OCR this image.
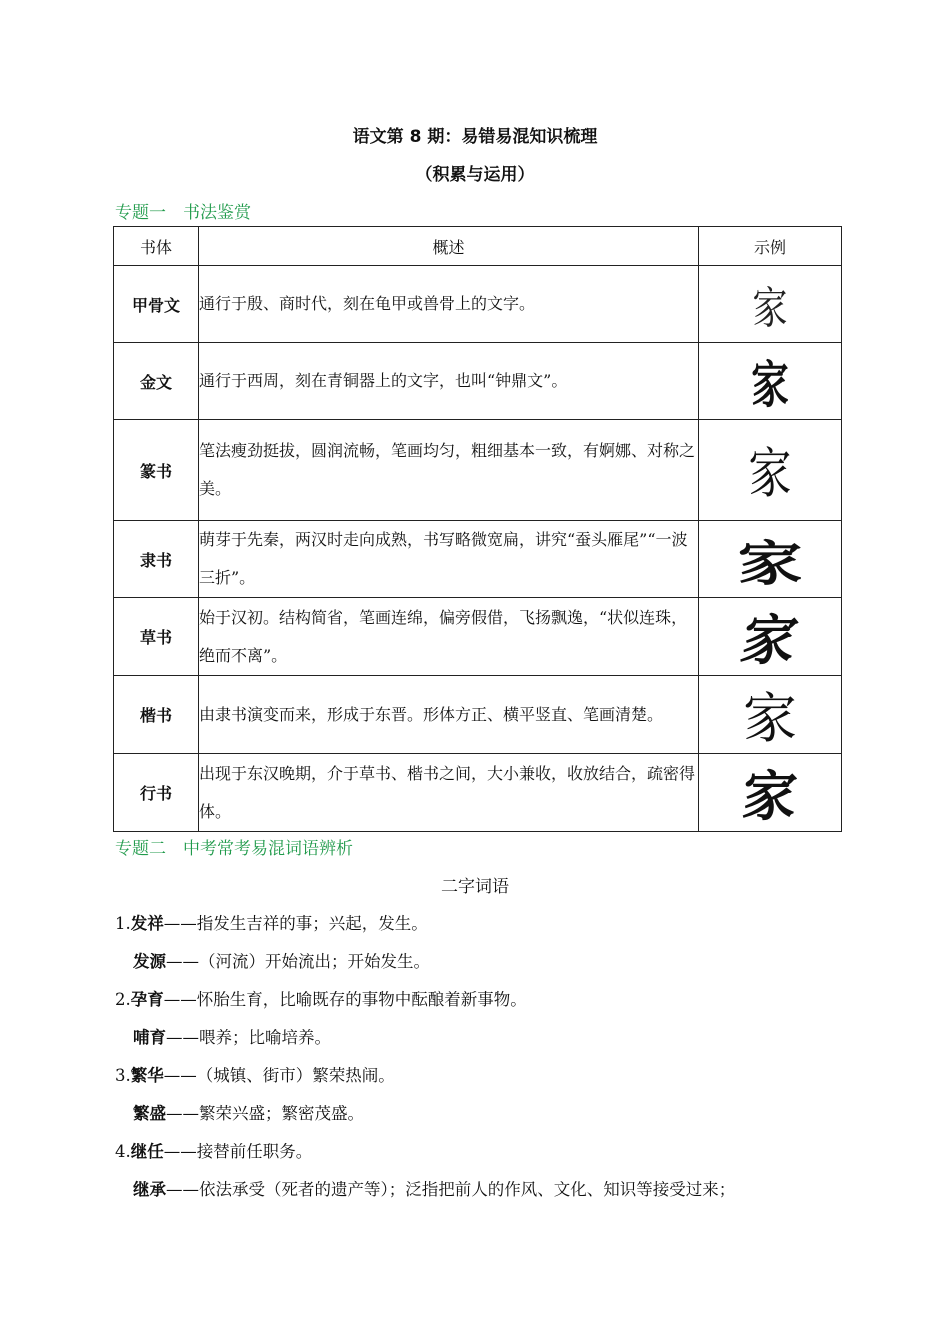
语文第 8 期：易错易混知识梳理
（积累与运用）
专题一　书法鉴赏
书体	概述	示例
甲骨文	通行于殷、商时代，刻在龟甲或兽骨上的文字。	家
金文	通行于西周，刻在青铜器上的文字，也叫“钟鼎文”。	家
篆书	笔法瘦劲挺拔，圆润流畅，笔画均匀，粗细基本一致，有婀娜、对称之美。	家
隶书	萌芽于先秦，两汉时走向成熟，书写略微宽扁，讲究“蚕头雁尾”“一波三折”。	家
草书	始于汉初。结构简省，笔画连绵，偏旁假借，飞扬飘逸，“状似连珠，绝而不离”。	家
楷书	由隶书演变而来，形成于东晋。形体方正、横平竖直、笔画清楚。	家
行书	出现于东汉晚期，介于草书、楷书之间，大小兼收，收放结合，疏密得体。	家
专题二　中考常考易混词语辨析
二字词语
1.发祥——指发生吉祥的事；兴起，发生。
发源——（河流）开始流出；开始发生。
2.孕育——怀胎生育，比喻既存的事物中酝酿着新事物。
哺育——喂养；比喻培养。
3.繁华——（城镇、街市）繁荣热闹。
繁盛——繁荣兴盛；繁密茂盛。
4.继任——接替前任职务。
继承——依法承受（死者的遗产等）；泛指把前人的作风、文化、知识等接受过来；
